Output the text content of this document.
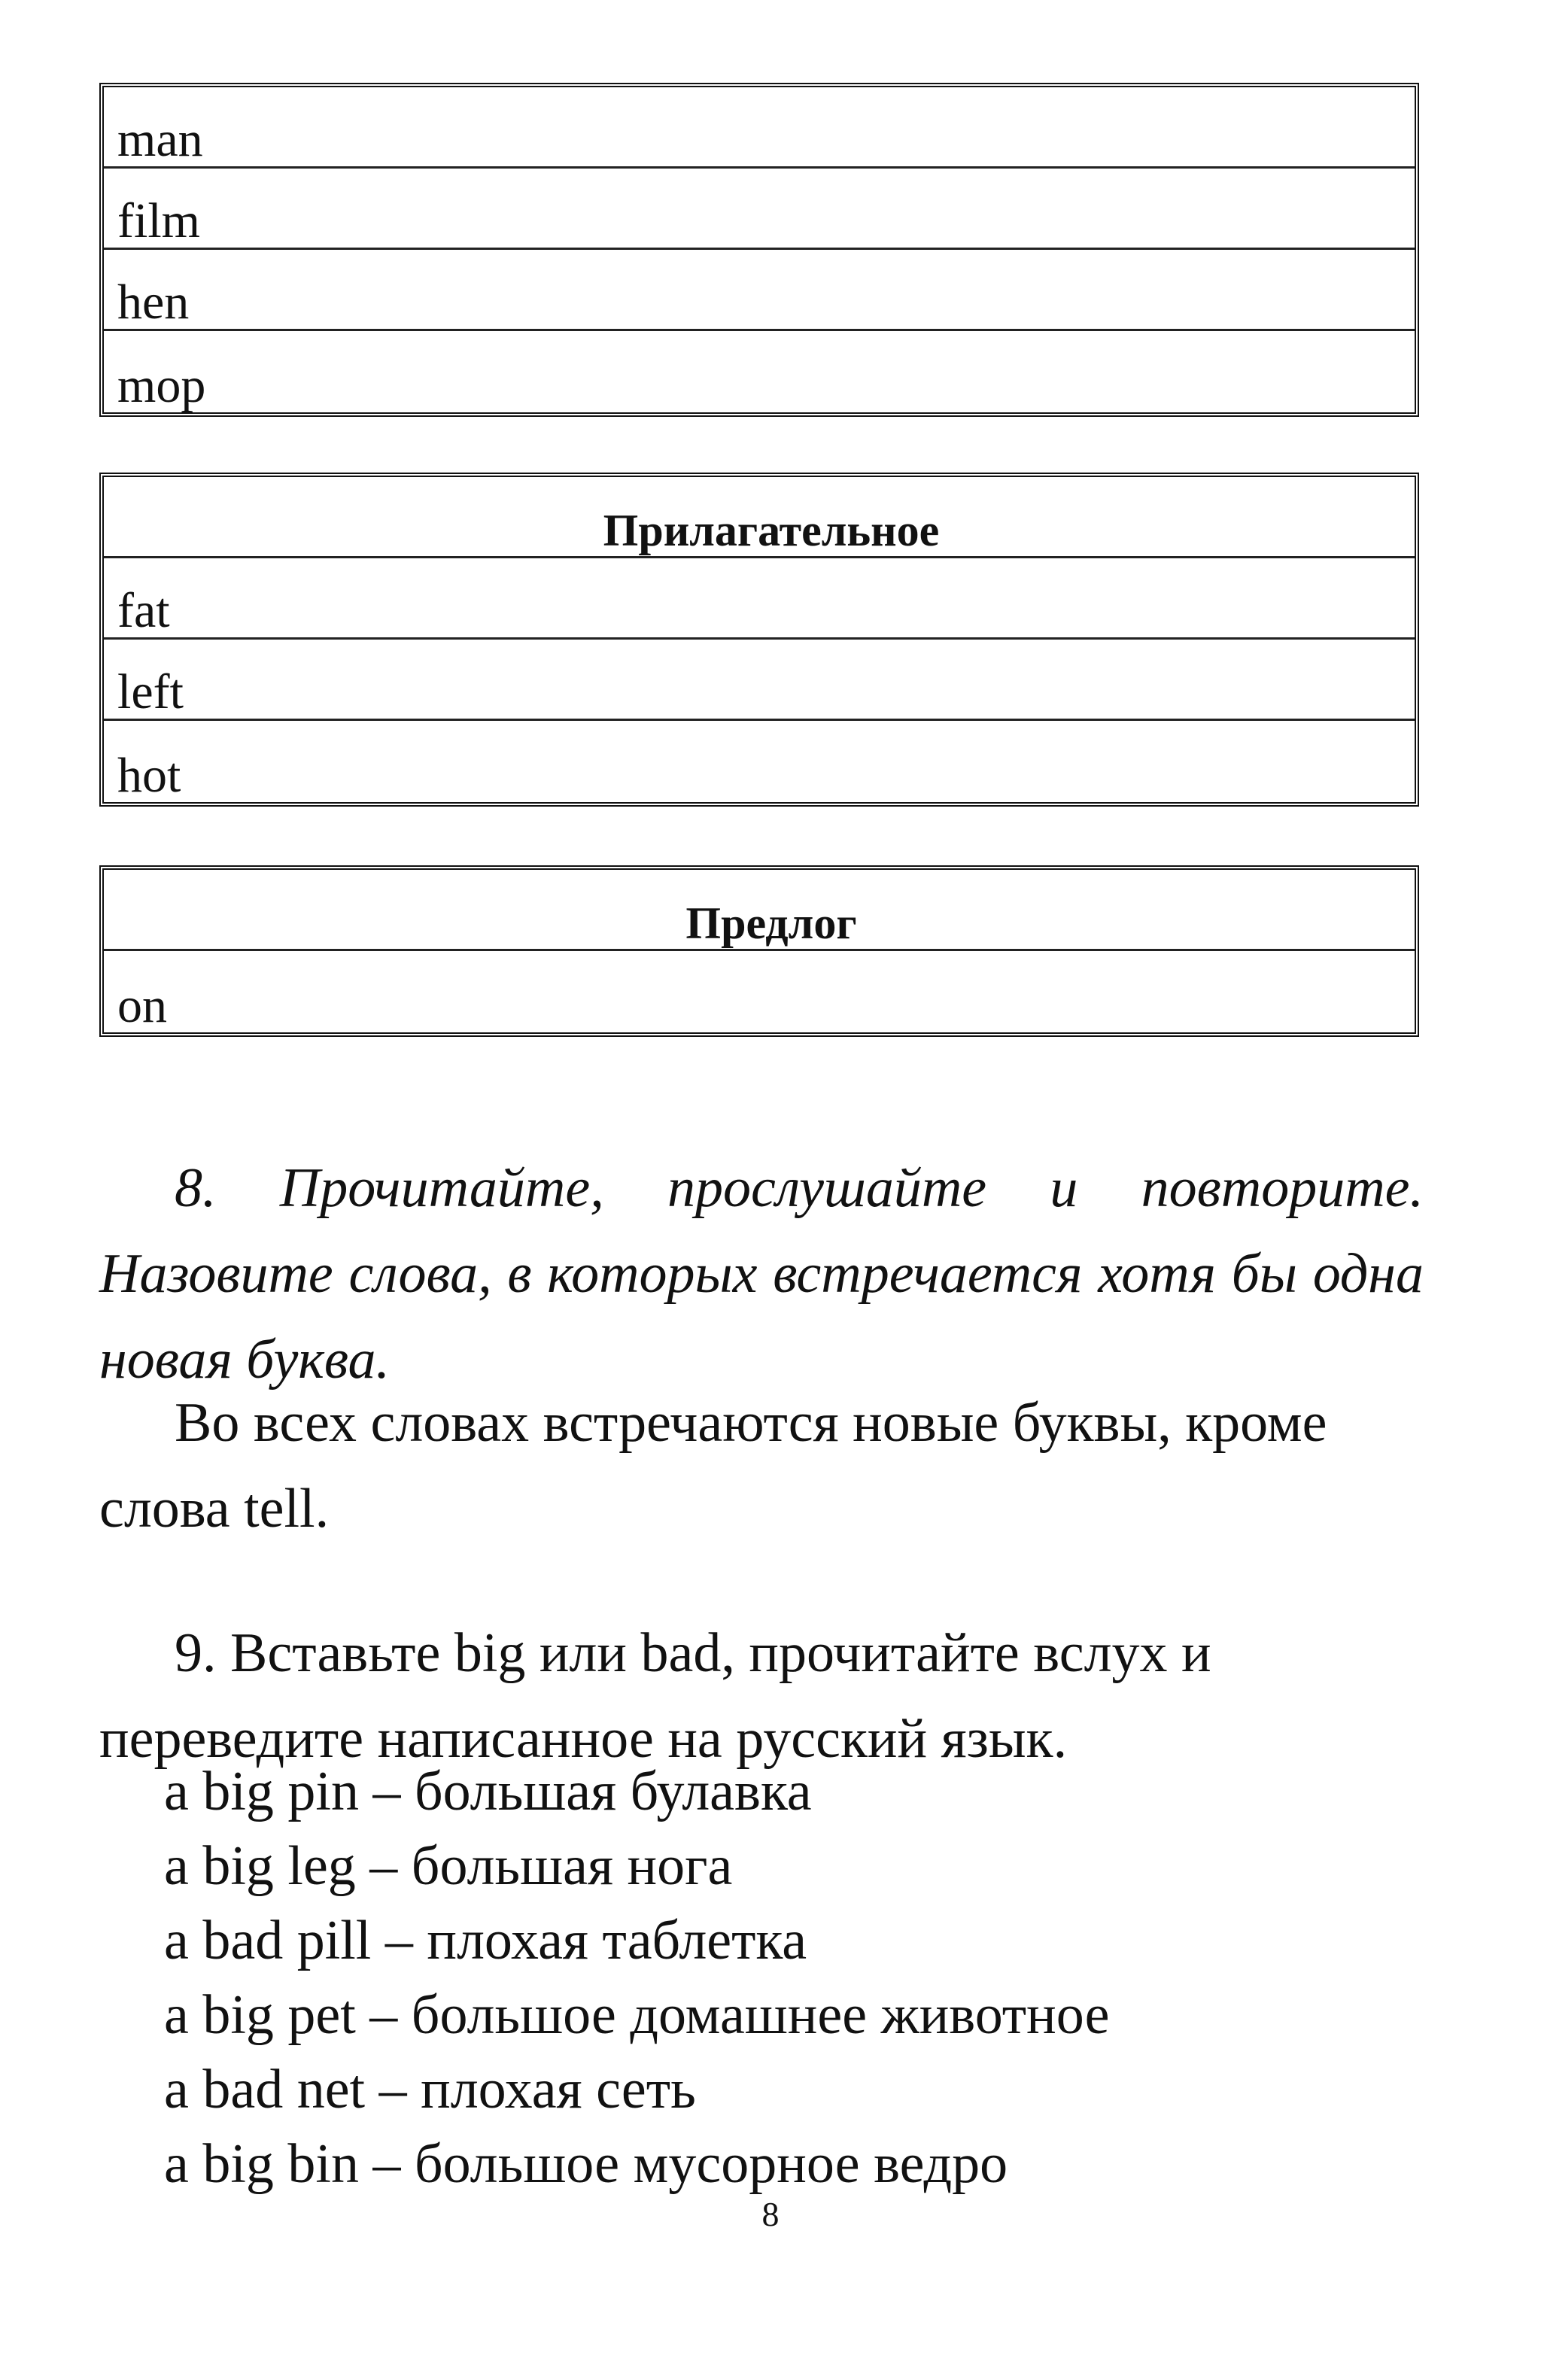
man
film
hen
mop
Прилагательное
fat
left
hot
Предлог
on
8. Прочитайте, прослушайте и повторите. Назовите слова, в которых встречается хотя бы одна новая буква.
Во всех словах встречаются новые буквы, кроме слова tell.
9. Вставьте big или bad, прочитайте вслух и переведите написанное на русский язык.
a big pin – большая булавка
a big leg – большая нога
a bad pill – плохая таблетка
a big pet – большое домашнее животное
a bad net – плохая сеть
a big bin – большое мусорное ведро
8
